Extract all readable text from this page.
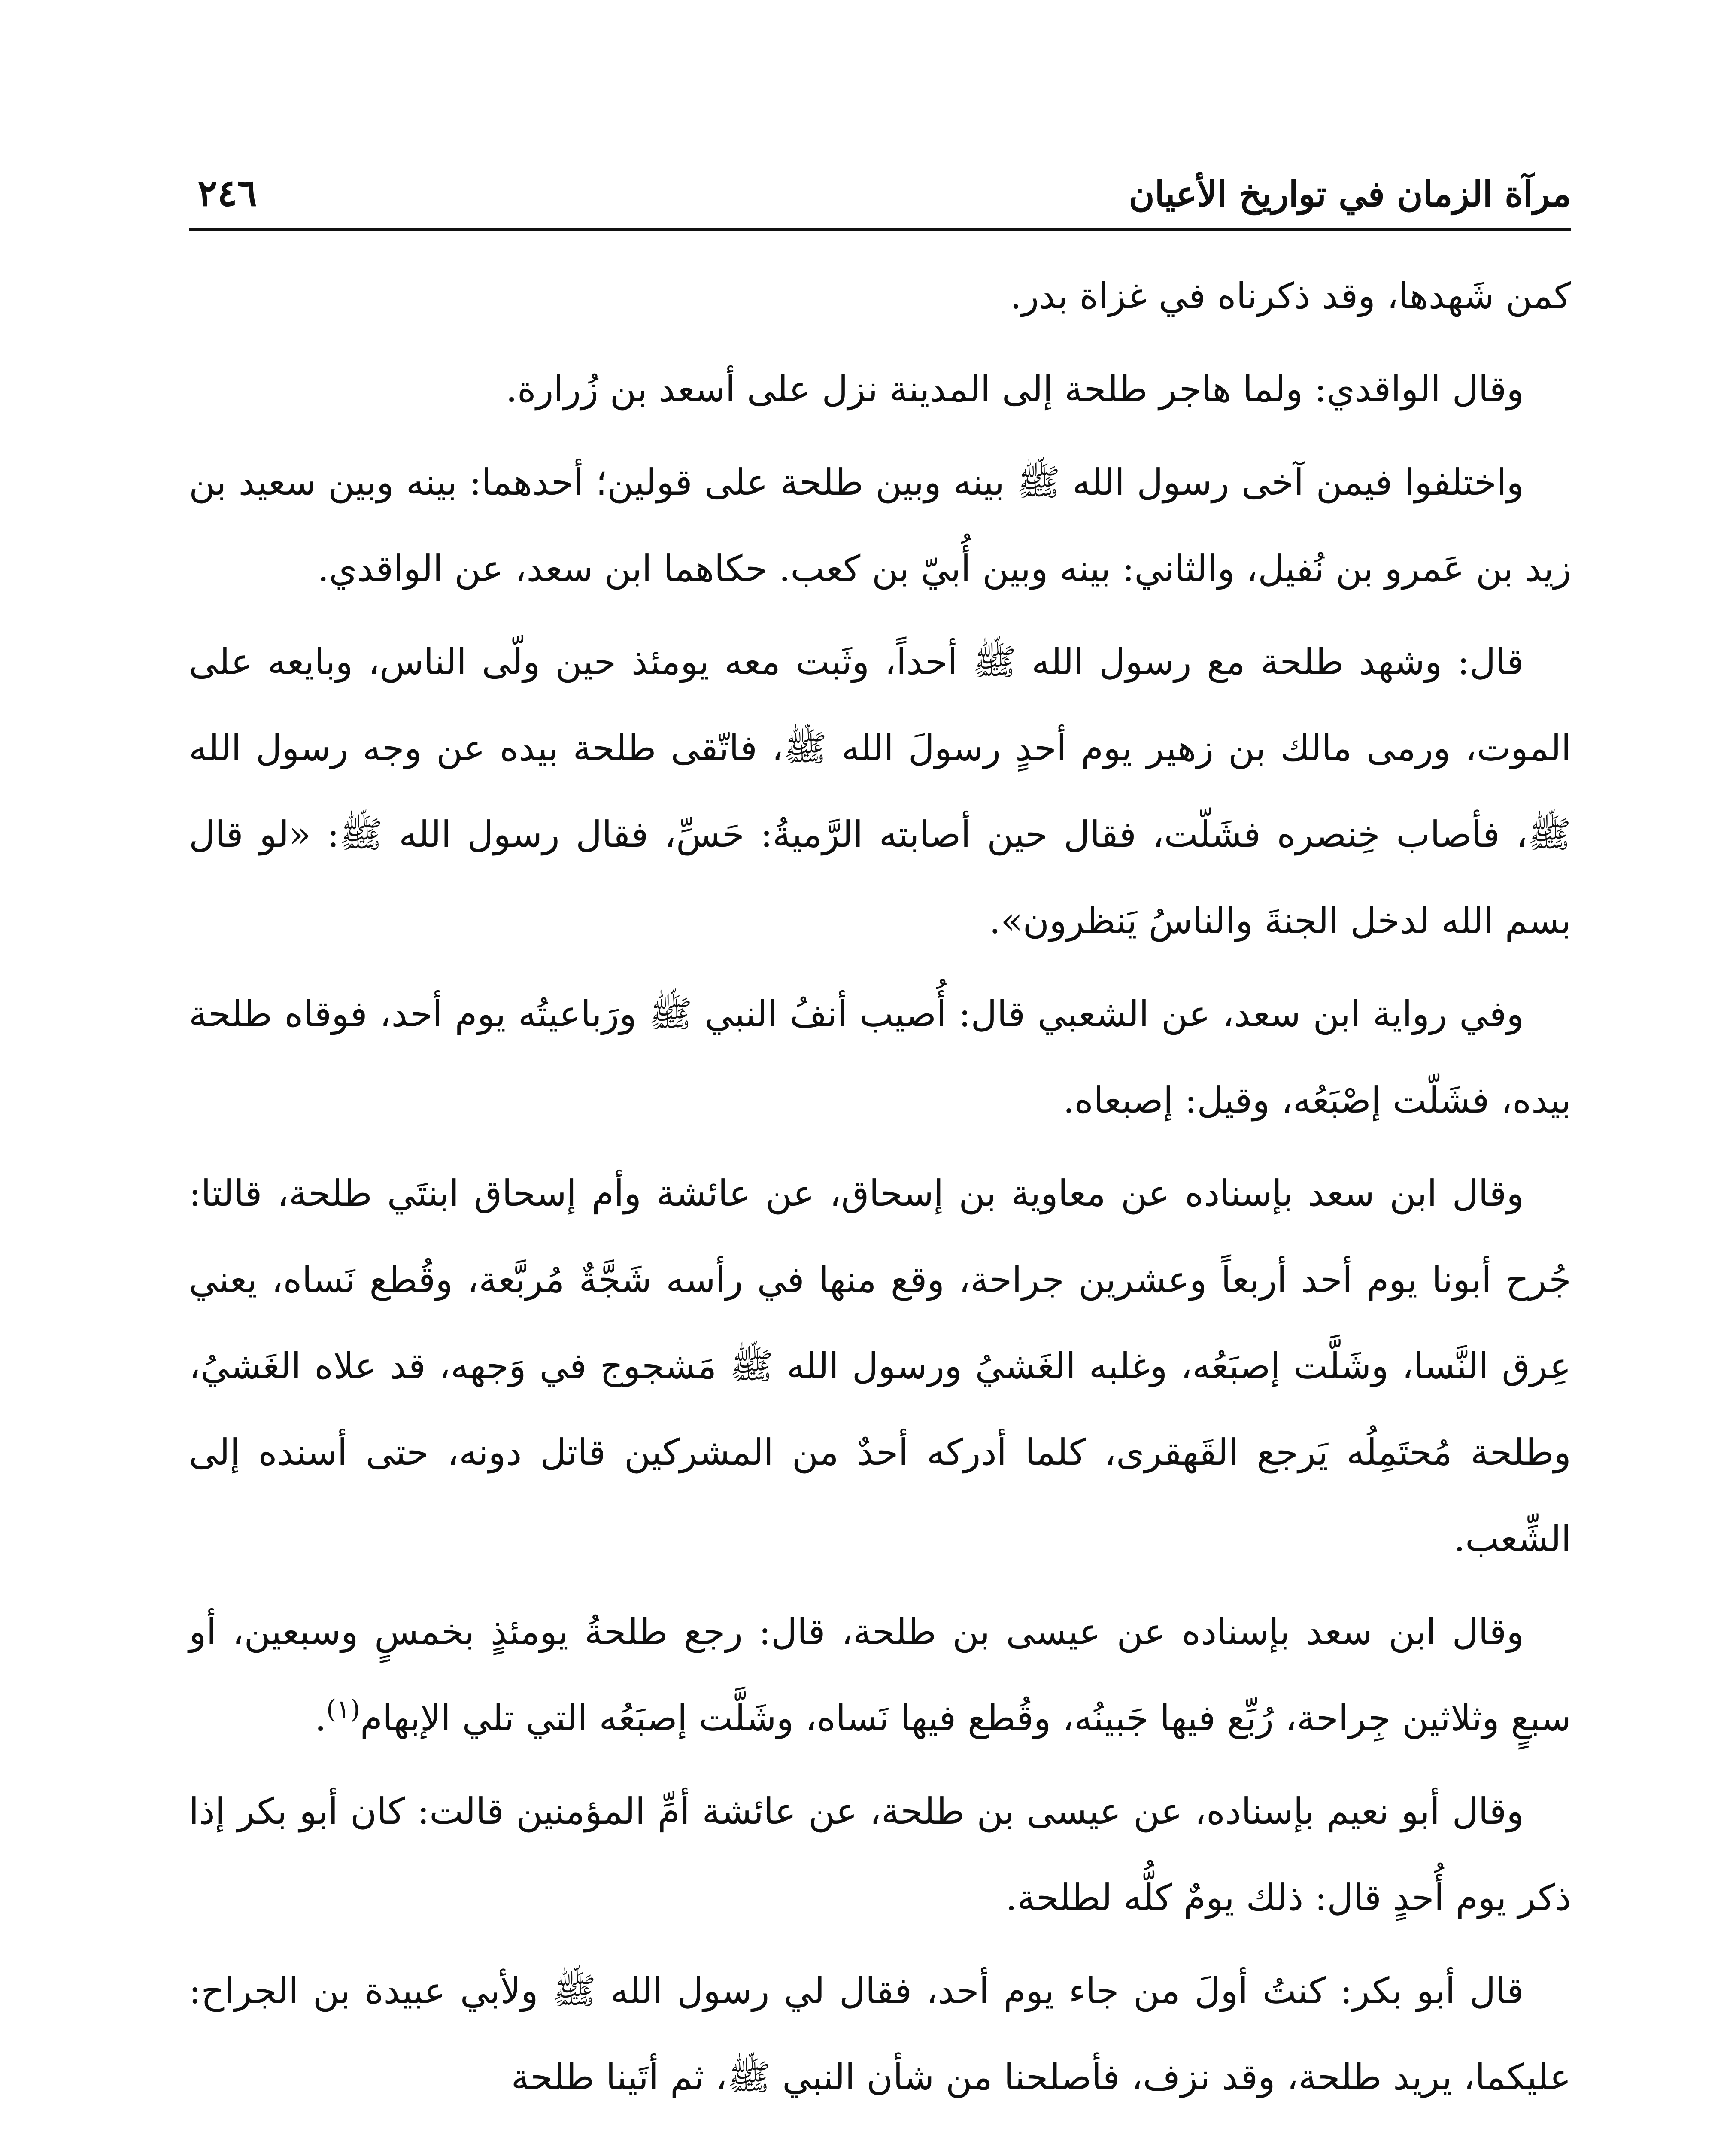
مرآة الزمان في تواريخ الأعيان
٢٤٦

كمن شَهدها، وقد ذكرناه في غزاة بدر.

وقال الواقدي: ولما هاجر طلحة إلى المدينة نزل على أسعد بن زُرارة.

واختلفوا فيمن آخى رسول الله ﷺ بينه وبين طلحة على قولين؛ أحدهما: بينه وبين سعيد بن زيد بن عَمرو بن نُفيل، والثاني: بينه وبين أُبيّ بن كعب. حكاهما ابن سعد، عن الواقدي.

قال: وشهد طلحة مع رسول الله ﷺ أحداً، وثَبت معه يومئذ حين ولّى الناس، وبايعه على الموت، ورمى مالك بن زهير يوم أحدٍ رسولَ الله ﷺ، فاتّقى طلحة بيده عن وجه رسول الله ﷺ، فأصاب خِنصره فشَلّت، فقال حين أصابته الرَّميةُ: حَسِّ، فقال رسول الله ﷺ: «لو قال بسم الله لدخل الجنةَ والناسُ يَنظرون».

وفي رواية ابن سعد، عن الشعبي قال: أُصيب أنفُ النبي ﷺ ورَباعيتُه يوم أحد، فوقاه طلحة بيده، فشَلّت إصْبَعُه، وقيل: إصبعاه.

وقال ابن سعد بإسناده عن معاوية بن إسحاق، عن عائشة وأم إسحاق ابنتَي طلحة، قالتا: جُرح أبونا يوم أحد أربعاً وعشرين جراحة، وقع منها في رأسه شَجَّةٌ مُربَّعة، وقُطع نَساه، يعني عِرق النَّسا، وشَلَّت إصبَعُه، وغلبه الغَشيُ ورسول الله ﷺ مَشجوج في وَجهه، قد علاه الغَشيُ، وطلحة مُحتَمِلُه يَرجع القَهقرى، كلما أدركه أحدٌ من المشركين قاتل دونه، حتى أسنده إلى الشِّعب.

وقال ابن سعد بإسناده عن عيسى بن طلحة، قال: رجع طلحةُ يومئذٍ بخمسٍ وسبعين، أو سبعٍ وثلاثين جِراحة، رُبِّع فيها جَبينُه، وقُطع فيها نَساه، وشَلَّت إصبَعُه التي تلي الإبهام$^{(١)}$.

وقال أبو نعيم بإسناده، عن عيسى بن طلحة، عن عائشة أمِّ المؤمنين قالت: كان أبو بكر إذا ذكر يوم أُحدٍ قال: ذلك يومٌ كلُّه لطلحة.

قال أبو بكر: كنتُ أولَ من جاء يوم أحد، فقال لي رسول الله ﷺ ولأبي عبيدة بن الجراح: عليكما، يريد طلحة، وقد نزف، فأصلحنا من شأن النبي ﷺ، ثم أتَينا طلحة
